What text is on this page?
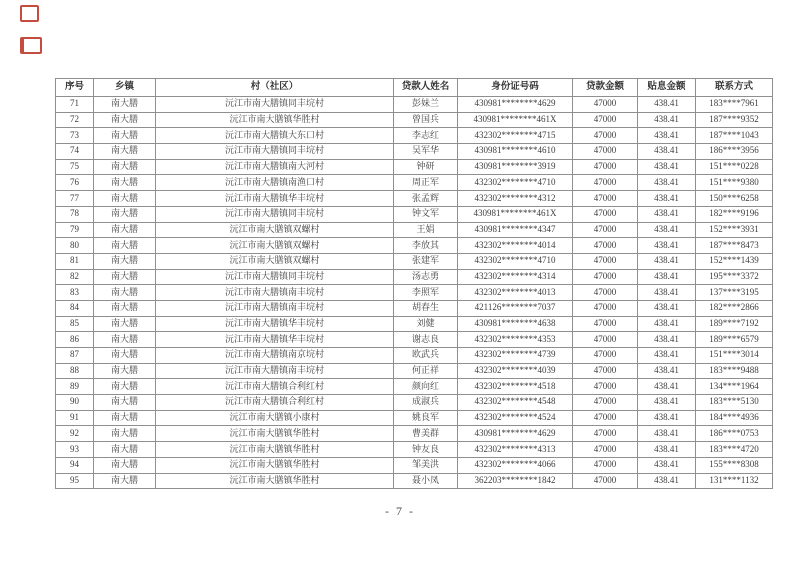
序号	乡镇	村（社区）	贷款人姓名	身份证号码	贷款金额	贴息金额	联系方式
71	南大膳	沅江市南大膳镇同丰垸村	彭妹兰	430981********4629	47000	438.41	183****7961
72	南大膳	沅江市南大膳镇华胜村	曾国兵	430981********461X	47000	438.41	187****9352
73	南大膳	沅江市南大膳镇大东口村	李志红	432302********4715	47000	438.41	187****1043
74	南大膳	沅江市南大膳镇同丰垸村	吴军华	430981********4610	47000	438.41	186****3956
75	南大膳	沅江市南大膳镇南大河村	钟研	430981********3919	47000	438.41	151****0228
76	南大膳	沅江市南大膳镇南渔口村	周正军	432302********4710	47000	438.41	151****9380
77	南大膳	沅江市南大膳镇华丰垸村	张孟辉	432302********4312	47000	438.41	150****6258
78	南大膳	沅江市南大膳镇同丰垸村	钟文军	430981********461X	47000	438.41	182****9196
79	南大膳	沅江市南大膳镇双螺村	王娟	430981********4347	47000	438.41	152****3931
80	南大膳	沅江市南大膳镇双螺村	李放其	432302********4014	47000	438.41	187****8473
81	南大膳	沅江市南大膳镇双螺村	张建军	432302********4710	47000	438.41	152****1439
82	南大膳	沅江市南大膳镇同丰垸村	汤志勇	432302********4314	47000	438.41	195****3372
83	南大膳	沅江市南大膳镇南丰垸村	李照军	432302********4013	47000	438.41	137****3195
84	南大膳	沅江市南大膳镇南丰垸村	胡春生	421126********7037	47000	438.41	182****2866
85	南大膳	沅江市南大膳镇华丰垸村	刘健	430981********4638	47000	438.41	189****7192
86	南大膳	沅江市南大膳镇华丰垸村	谢志良	432302********4353	47000	438.41	189****6579
87	南大膳	沅江市南大膳镇南京垸村	欧武兵	432302********4739	47000	438.41	151****3014
88	南大膳	沅江市南大膳镇南丰垸村	何正祥	432302********4039	47000	438.41	183****9488
89	南大膳	沅江市南大膳镇合利红村	颜向红	432302********4518	47000	438.41	134****1964
90	南大膳	沅江市南大膳镇合利红村	成淑兵	432302********4548	47000	438.41	183****5130
91	南大膳	沅江市南大膳镇小康村	姚良军	432302********4524	47000	438.41	184****4936
92	南大膳	沅江市南大膳镇华胜村	曹美群	430981********4629	47000	438.41	186****0753
93	南大膳	沅江市南大膳镇华胜村	钟友良	432302********4313	47000	438.41	183****4720
94	南大膳	沅江市南大膳镇华胜村	邹美洪	432302********4066	47000	438.41	155****8308
95	南大膳	沅江市南大膳镇华胜村	聂小凤	362203********1842	47000	438.41	131****1132
- 7 -
